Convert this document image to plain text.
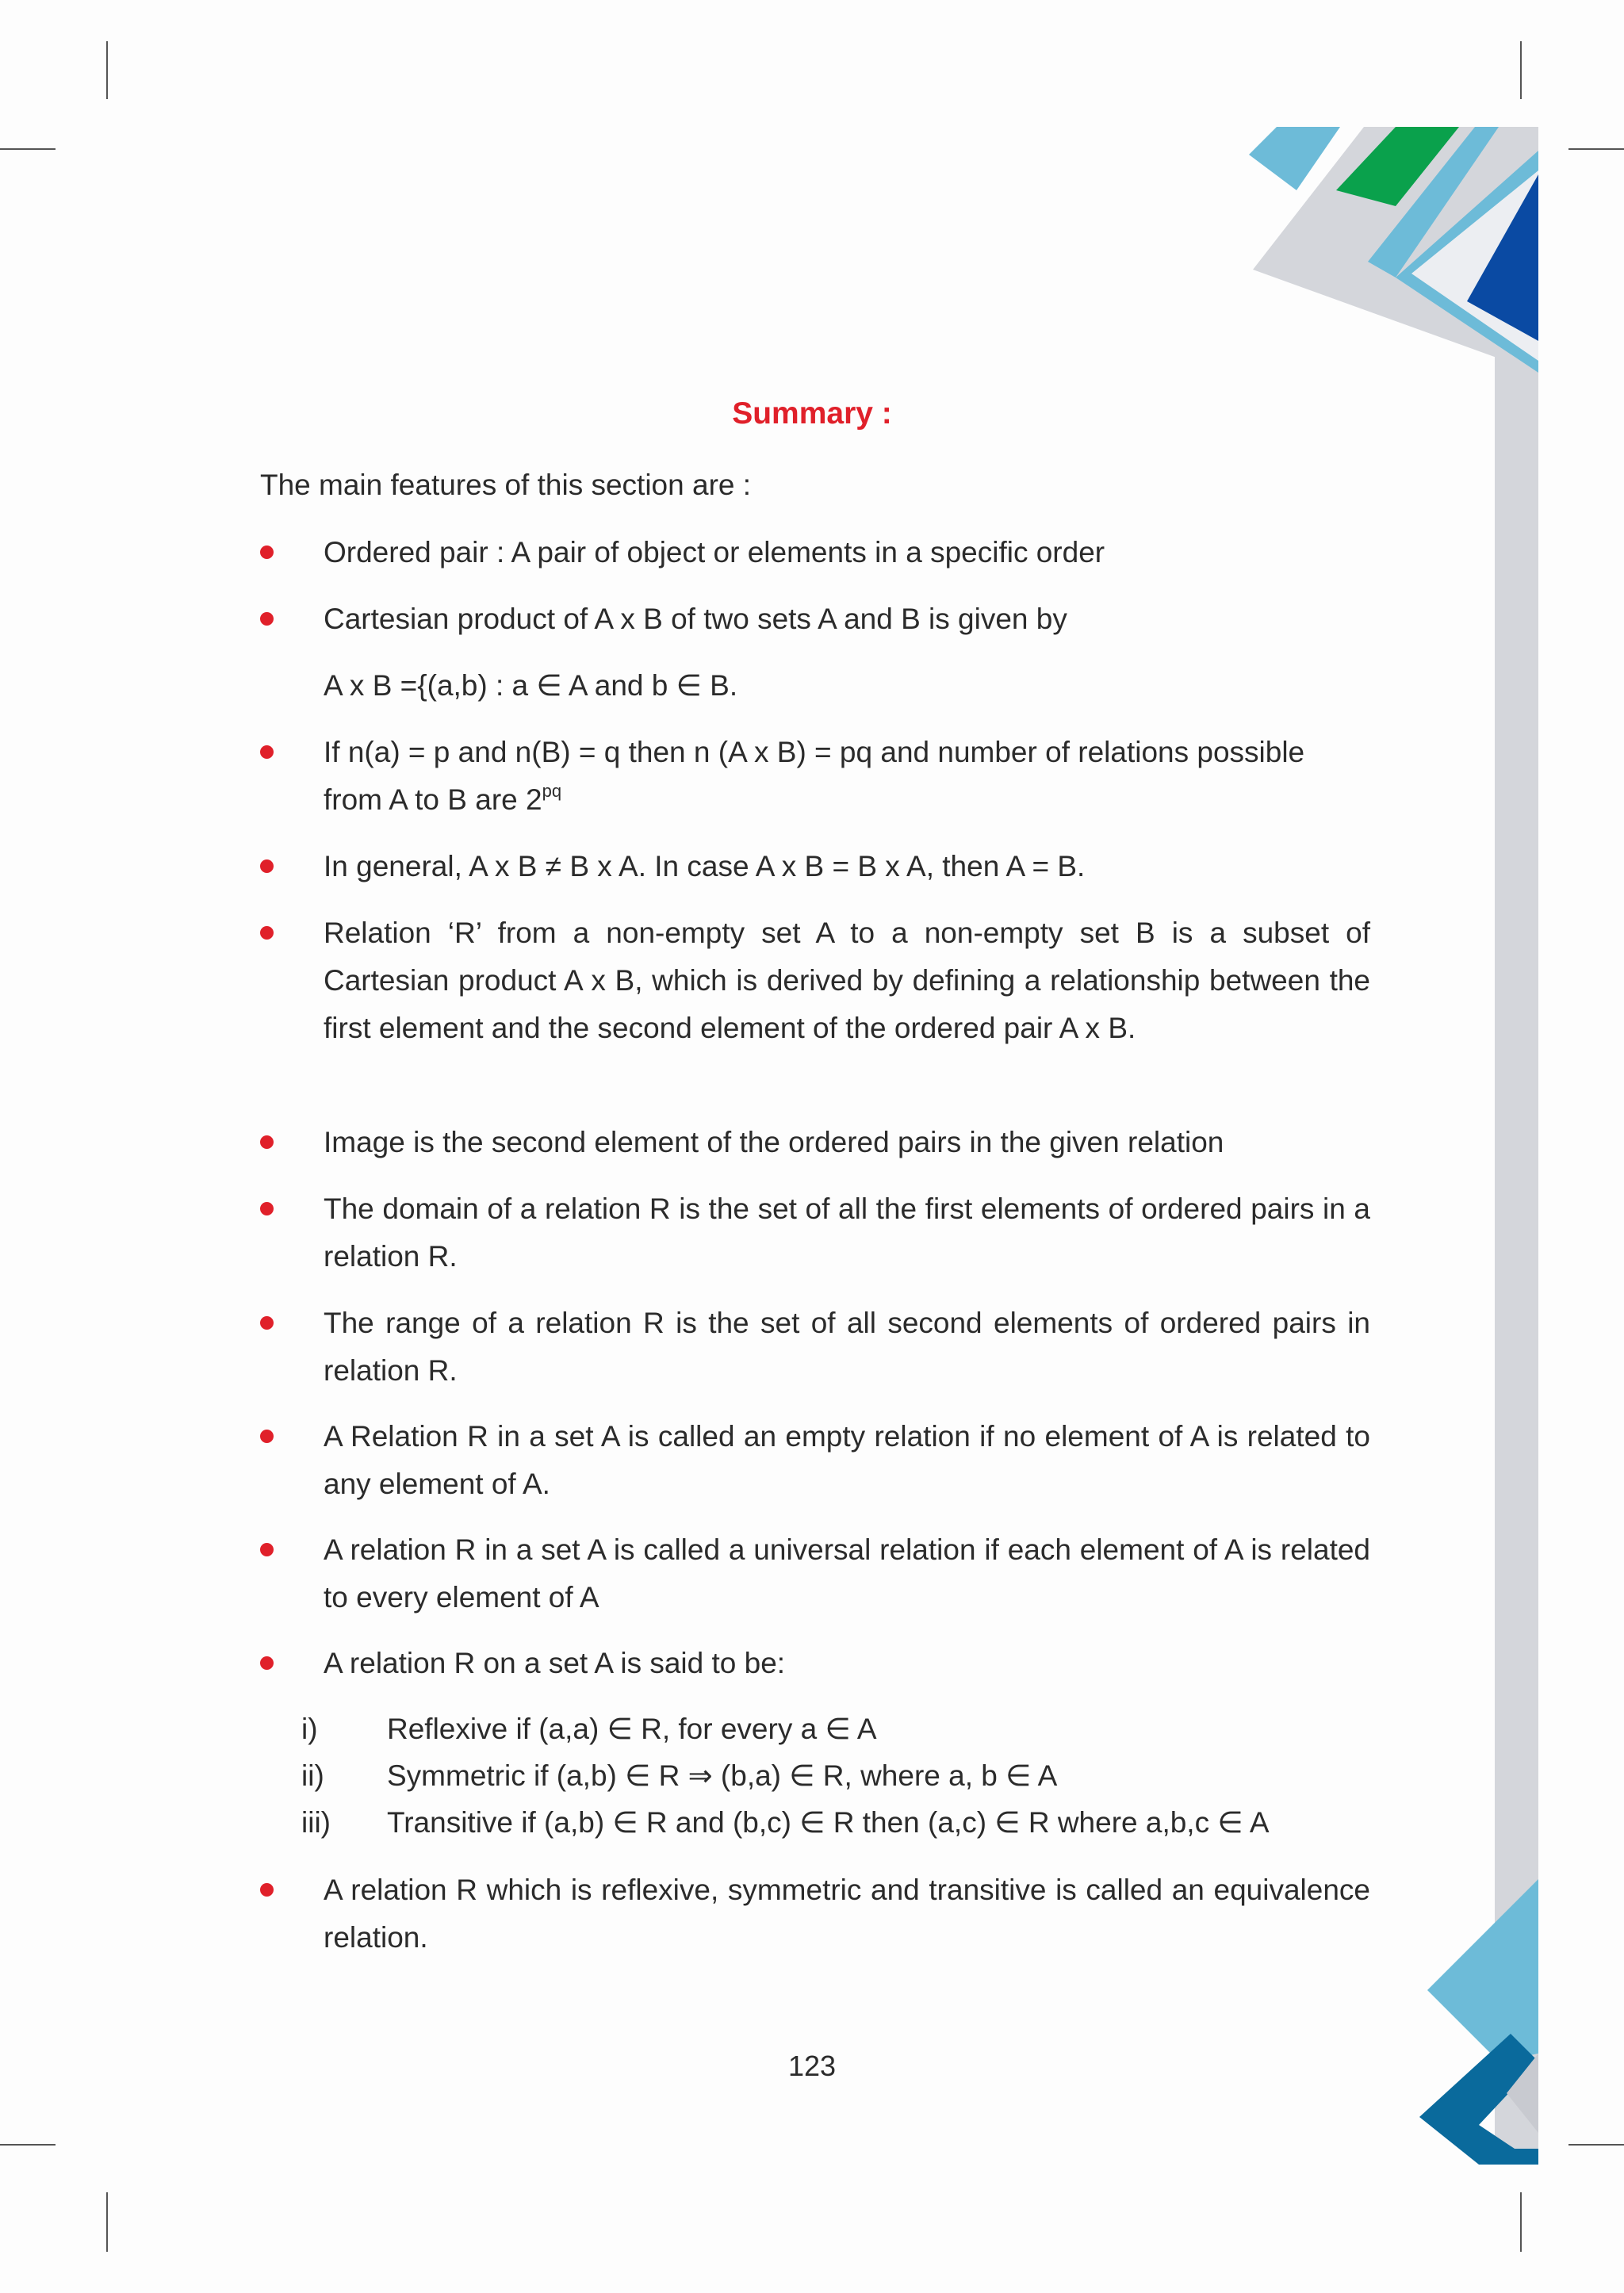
Summary :

The main features of this section are :

Ordered pair : A pair of object or elements in a specific order
Cartesian product of A x B of two sets A and B is given by
A x B ={(a,b) : a ∈ A and b ∈ B.
If n(a) = p and n(B) = q then n (A x B) = pq and number of relations possible
from A to B are $2^{pq}$
In general, A x B ≠ B x A. In case A x B = B x A, then A = B.
Relation ‘R’ from a non-empty set A to a non-empty set B is a subset of Cartesian product A x B, which is derived by defining a relationship between the first element and the second element of the ordered pair A x B.
Image is the second element of the ordered pairs in the given relation
The domain of a relation R is the set of all the first elements of ordered pairs in a relation R.
The range of a relation R is the set of all second elements of ordered pairs in relation R.
A Relation R in a set A is called an empty relation if no element of A is related to any element of A.
A relation R in a set A is called a universal relation if each element of A is related to every element of A
A relation R on a set A is said to be:
i) Reflexive if (a,a) ∈ R, for every a ∈ A
ii) Symmetric if (a,b) ∈ R ⇒ (b,a) ∈ R, where a, b ∈ A
iii) Transitive if (a,b) ∈ R and (b,c) ∈ R then (a,c) ∈ R where a,b,c ∈ A
A relation R which is reflexive, symmetric and transitive is called an equivalence relation.
123
